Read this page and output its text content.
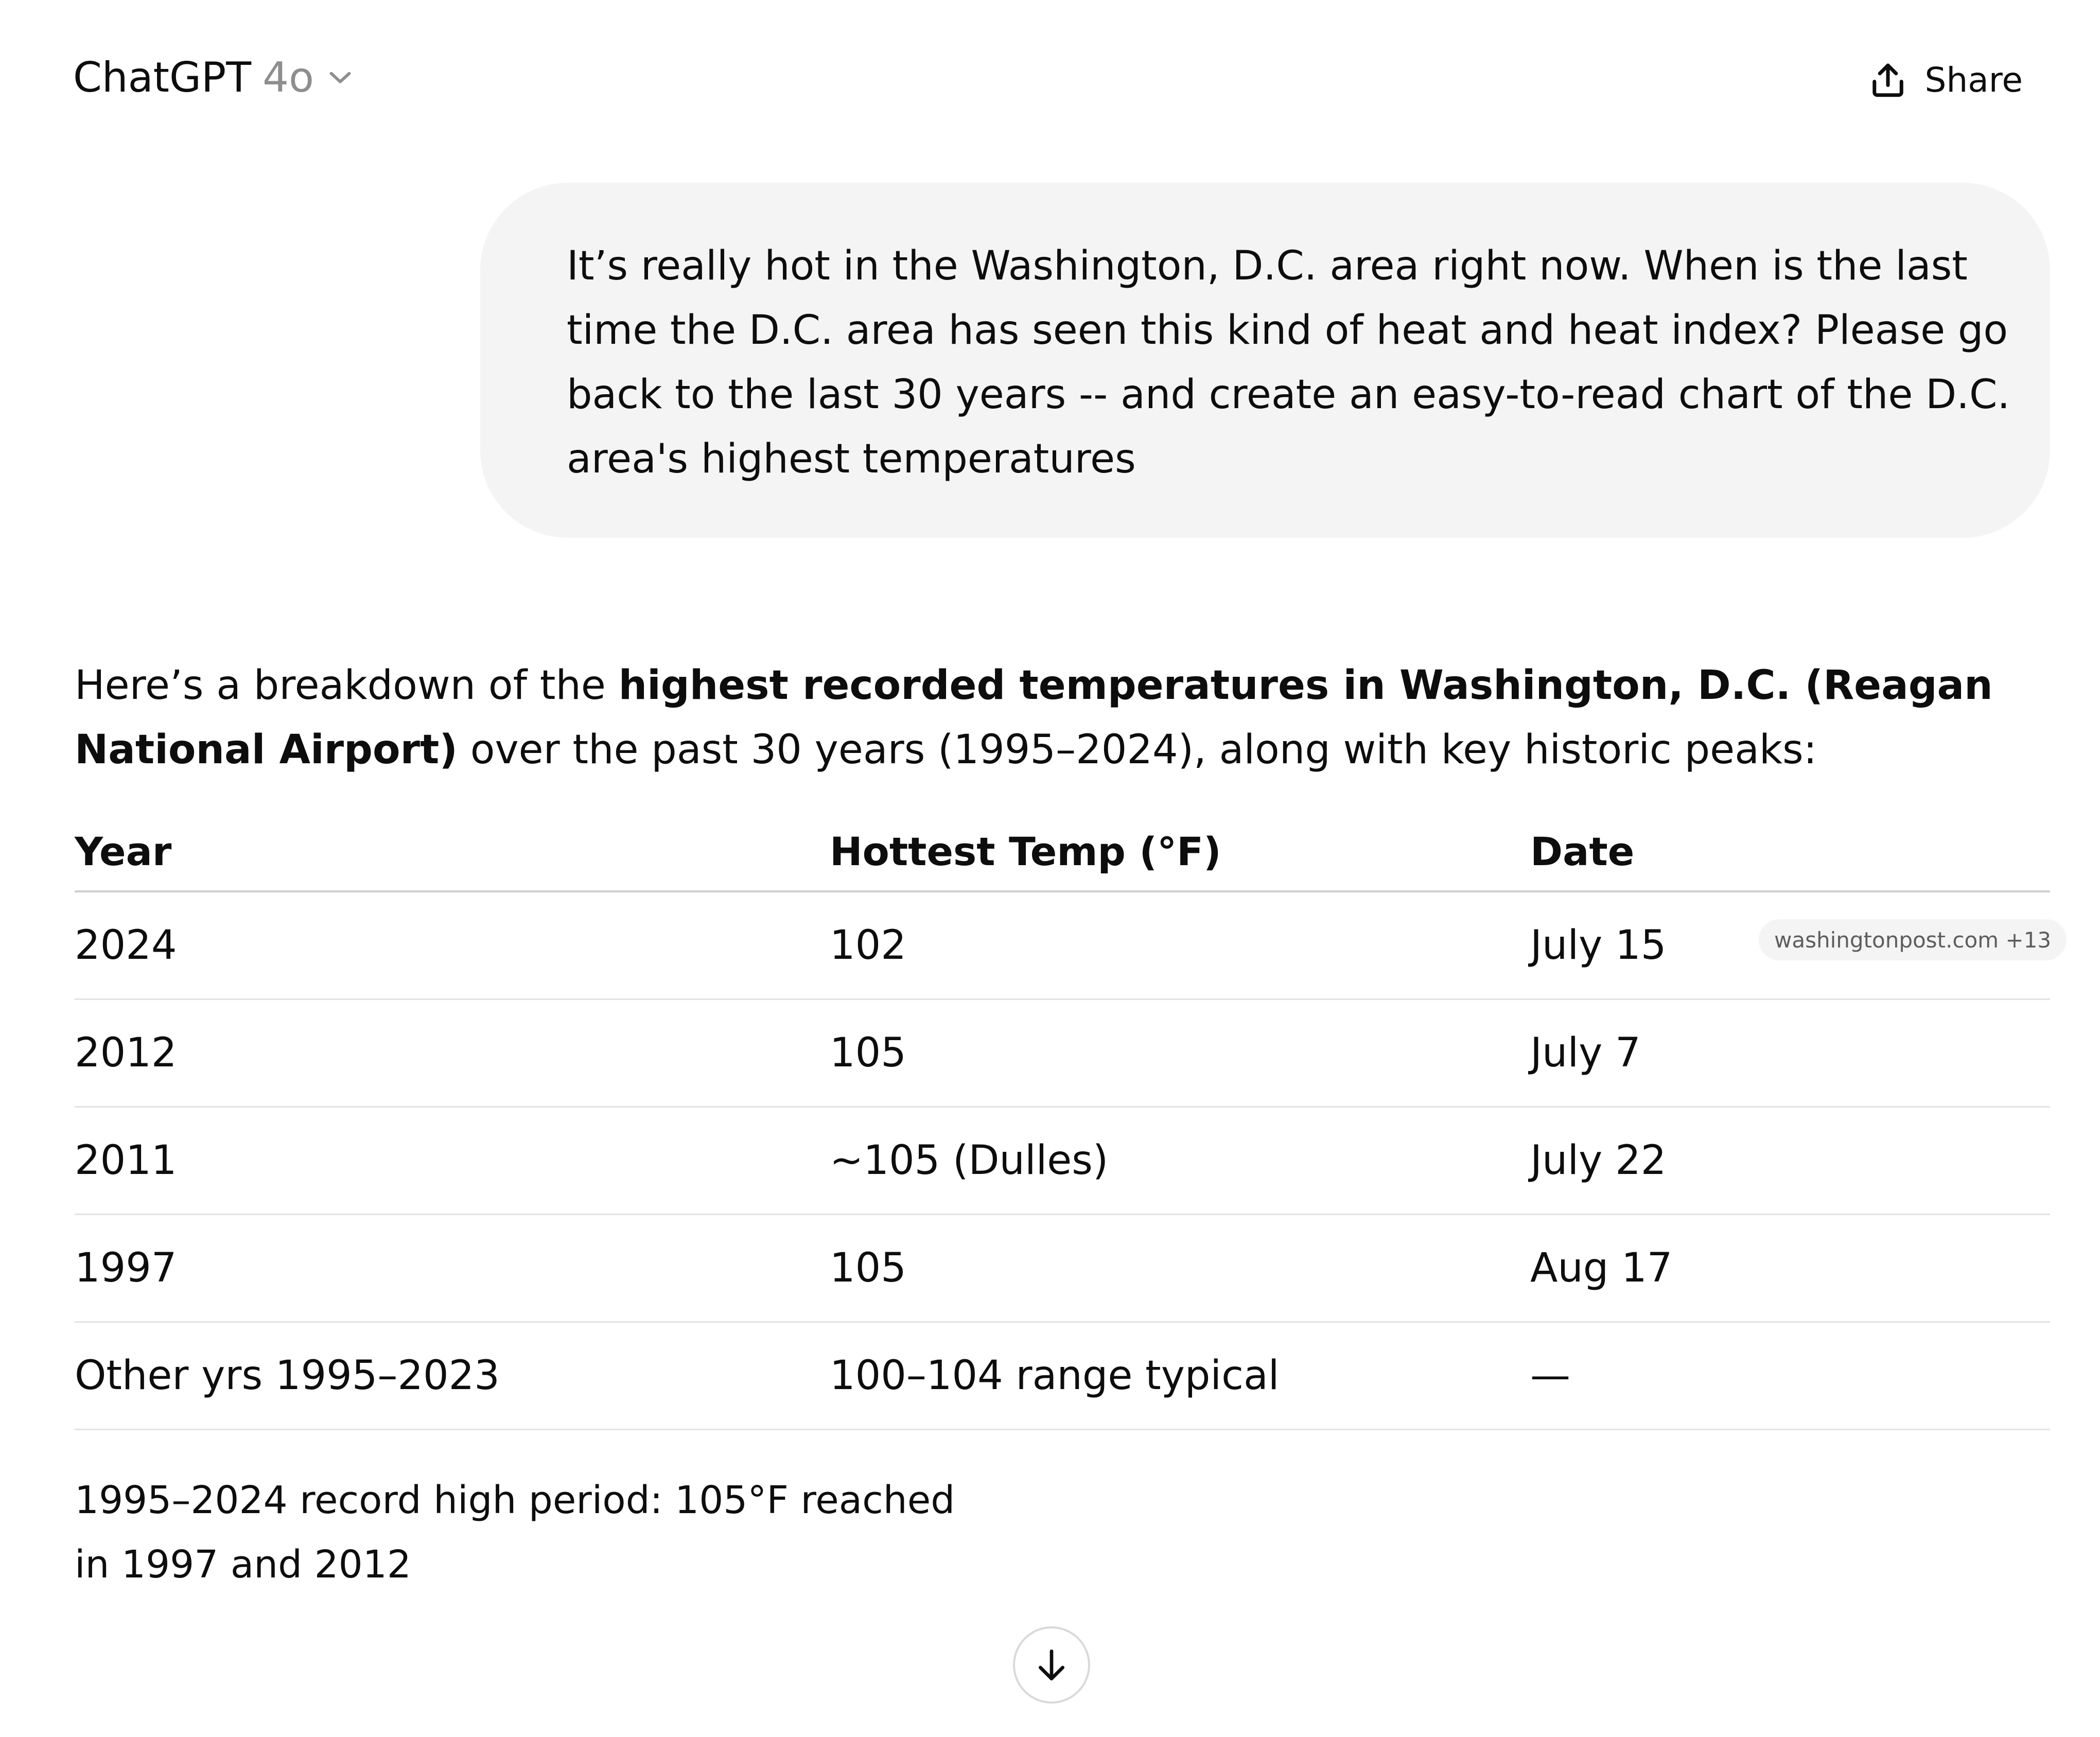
ChatGPT 4o	Share
It’s really hot in the Washington, D.C. area right now. When is the last time the D.C. area has seen this kind of heat and heat index? Please go back to the last 30 years -- and create an easy-to-read chart of the D.C. area's highest temperatures
Here’s a breakdown of the highest recorded temperatures in Washington, D.C. (Reagan National Airport) over the past 30 years (1995–2024), along with key historic peaks:
Year	Hottest Temp (°F)	Date
2024	102	July 15	washingtonpost.com +13
2012	105	July 7
2011	~105 (Dulles)	July 22
1997	105	Aug 17
Other yrs 1995–2023	100–104 range typical	—
1995–2024 record high period: 105°F reached
in 1997 and 2012
